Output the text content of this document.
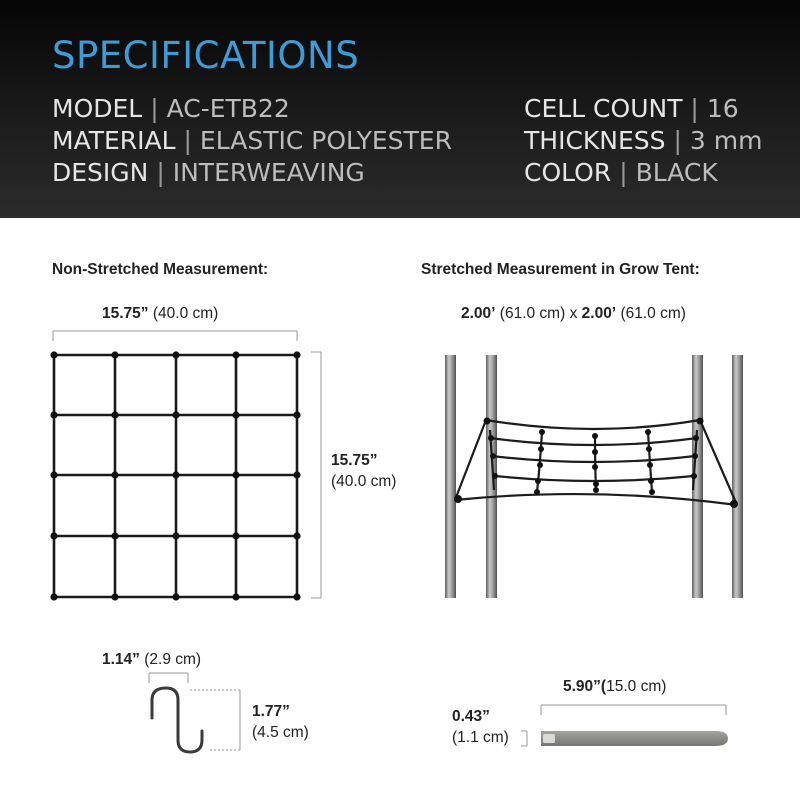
SPECIFICATIONS
MODEL | AC-ETB22
MATERIAL | ELASTIC POLYESTER
DESIGN | INTERWEAVING
CELL COUNT | 16
THICKNESS | 3 mm
COLOR | BLACK
Non-Stretched Measurement:
15.75” (40.0 cm)
15.75”
(40.0 cm)
Stretched Measurement in Grow Tent:
2.00’ (61.0 cm) x 2.00’ (61.0 cm)
1.14” (2.9 cm)
1.77”
(4.5 cm)
5.90”(15.0 cm)
0.43”
(1.1 cm)
